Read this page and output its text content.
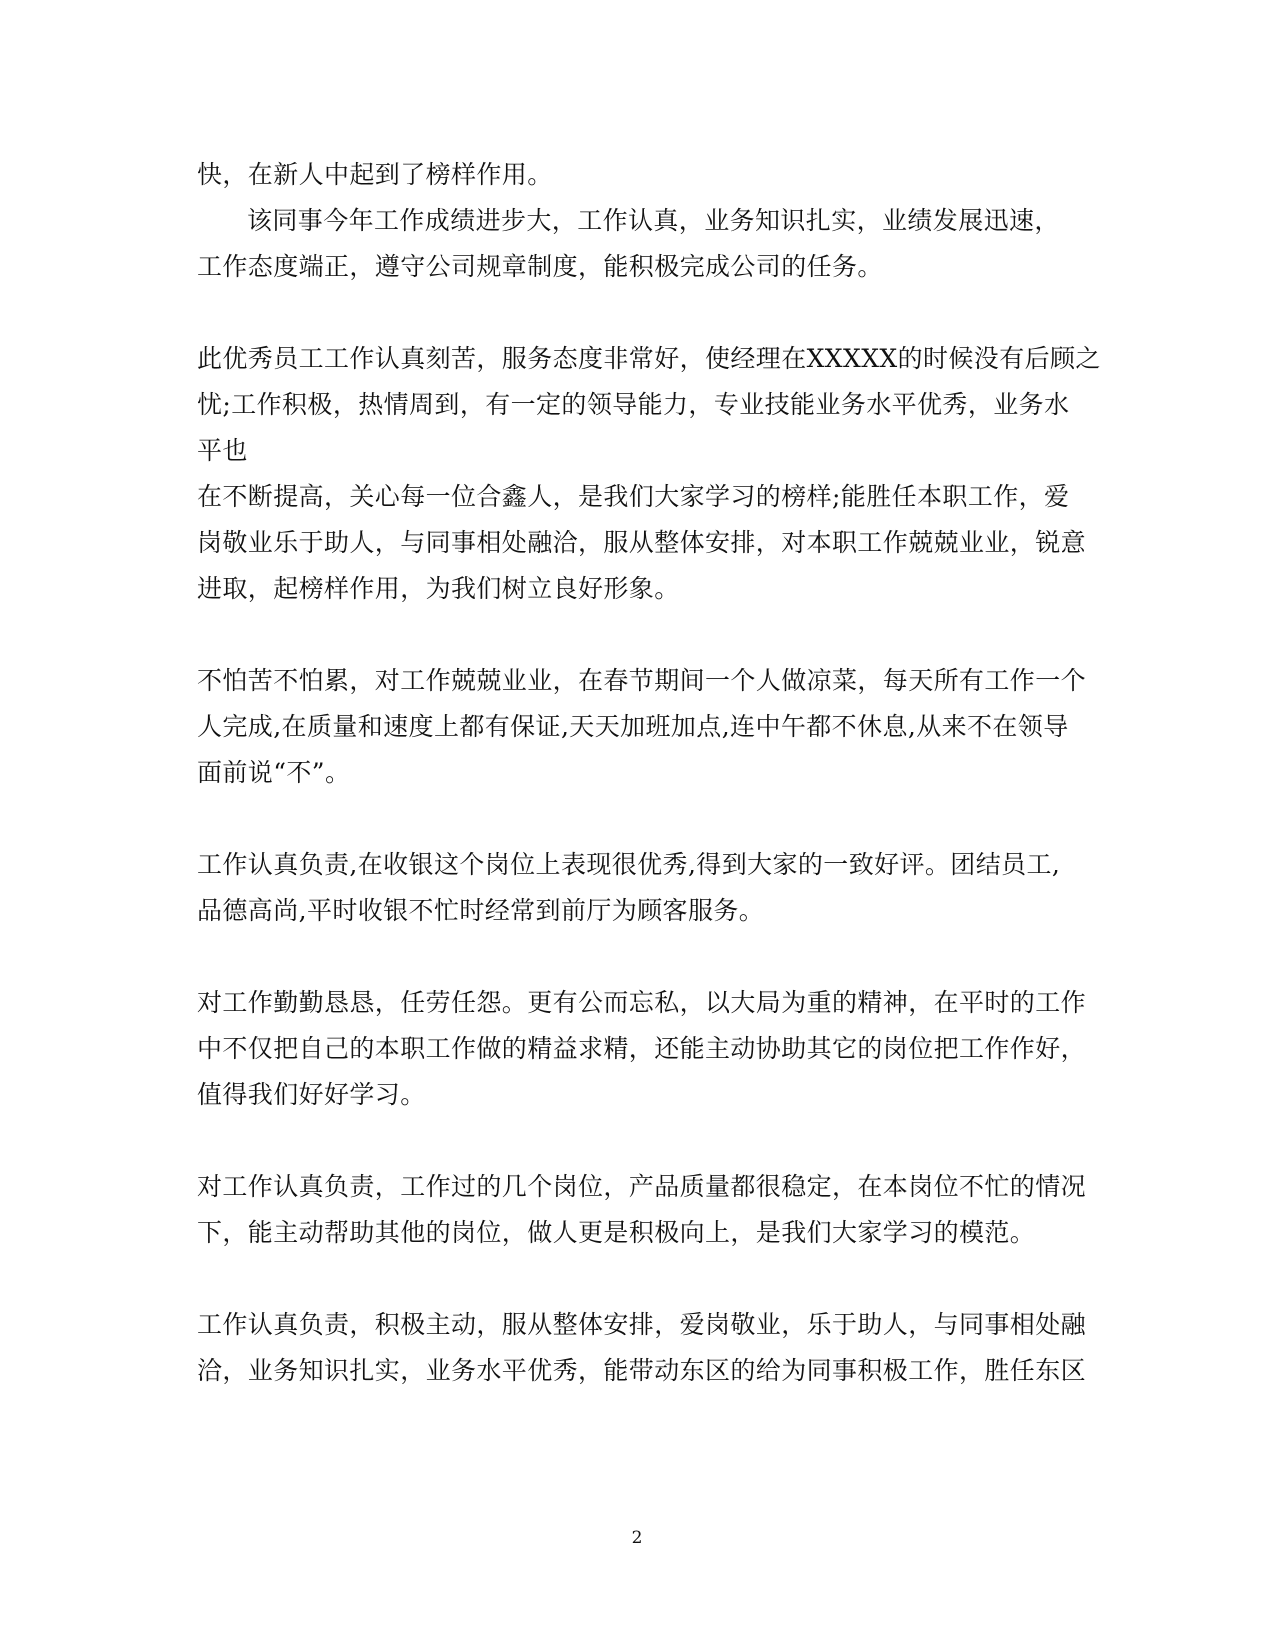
快，在新人中起到了榜样作用。
该同事今年工作成绩进步大，工作认真，业务知识扎实，业绩发展迅速，
工作态度端正，遵守公司规章制度，能积极完成公司的任务。
此优秀员工工作认真刻苦，服务态度非常好，使经理在XXXXX的时候没有后顾之
忧;工作积极，热情周到，有一定的领导能力，专业技能业务水平优秀，业务水
平也
在不断提高，关心每一位合鑫人，是我们大家学习的榜样;能胜任本职工作，爱
岗敬业乐于助人，与同事相处融洽，服从整体安排，对本职工作兢兢业业，锐意
进取，起榜样作用，为我们树立良好形象。
不怕苦不怕累，对工作兢兢业业，在春节期间一个人做凉菜，每天所有工作一个
人完成,在质量和速度上都有保证,天天加班加点,连中午都不休息,从来不在领导
面前说“不”。
工作认真负责,在收银这个岗位上表现很优秀,得到大家的一致好评。团结员工,
品德高尚,平时收银不忙时经常到前厅为顾客服务。
对工作勤勤恳恳，任劳任怨。更有公而忘私，以大局为重的精神，在平时的工作
中不仅把自己的本职工作做的精益求精，还能主动协助其它的岗位把工作作好，
值得我们好好学习。
对工作认真负责，工作过的几个岗位，产品质量都很稳定，在本岗位不忙的情况
下，能主动帮助其他的岗位，做人更是积极向上，是我们大家学习的模范。
工作认真负责，积极主动，服从整体安排，爱岗敬业，乐于助人，与同事相处融
洽，业务知识扎实，业务水平优秀，能带动东区的给为同事积极工作，胜任东区
2
